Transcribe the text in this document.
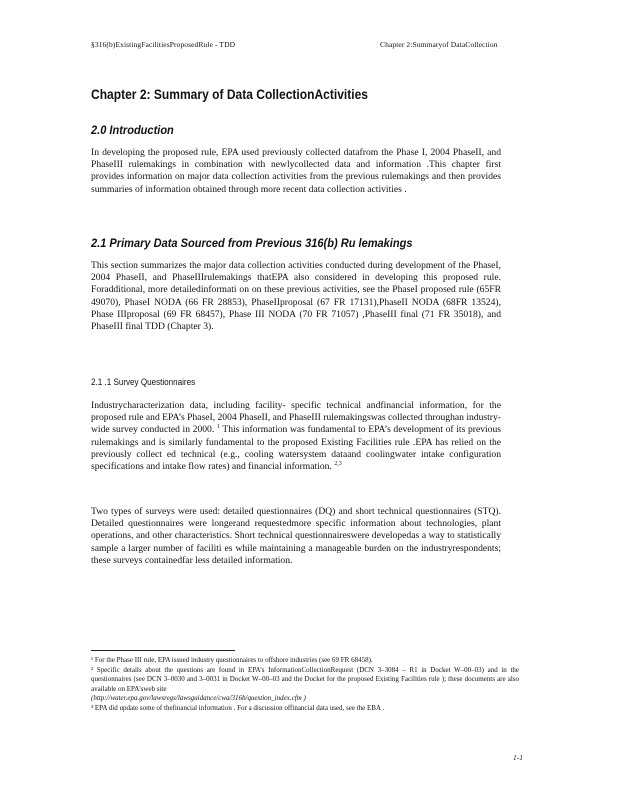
§316(b)ExistingFacilitiesProposedRule - TDD	Chapter 2:Summaryof DataCollection
Chapter 2: Summary of Data CollectionActivities
2.0 Introduction
In developing the proposed rule, EPA used previously collected datafrom the Phase I, 2004 PhaseII, and PhaseIII rulemakings in combination with newlycollected data and information .This chapter first provides information on major data collection activities from the previous rulemakings and then provides summaries of information obtained through more recent data collection activities .
2.1 Primary Data Sourced from Previous 316(b) Ru lemakings
This section summarizes the major data collection activities conducted during development of the PhaseI, 2004 PhaseII, and PhaseIIIrulemakings thatEPA also considered in developing this proposed rule. Foradditional, more detailedinformati on on these previous activities, see the PhaseI proposed rule (65FR 49070), PhaseI NODA (66 FR 28853), PhaseIIproposal (67 FR 17131),PhaseII NODA (68FR 13524), Phase IIIproposal (69 FR 68457), Phase III NODA (70 FR 71057) ,PhaseIII final (71 FR 35018), and PhaseIII final TDD (Chapter 3).
2.1 .1 Survey Questionnaires
Industrycharacterization data, including facility- specific technical andfinancial information, for the proposed rule and EPA’s PhaseI, 2004 PhaseII, and PhaseIII rulemakingswas collected throughan industry-wide survey conducted in 2000. $^1$ This information was fundamental to EPA’s development of its previous rulemakings and is similarly fundamental to the proposed Existing Facilities rule .EPA has relied on the previously collect ed technical (e.g., cooling watersystem dataand coolingwater intake configuration specifications and intake flow rates) and financial information. $^{2,3}$
Two types of surveys were used: detailed questionnaires (DQ) and short technical questionnaires (STQ). Detailed questionnaires were longerand requestedmore specific information about technologies, plant operations, and other characteristics. Short technical questionnaireswere developedas a way to statistically sample a larger number of faciliti es while maintaining a manageable burden on the industryrespondents; these surveys containedfar less detailed information.

¹ For the Phase III rule, EPA issued industry questionnaires to offshore industries (see 69 FR 68458).

² Specific details about the questions are found in EPA’s InformationCollectionRequest (DCN 3‒3084 ‒ R1 in Docket W‒00‒03) and in the questionnaires (see DCN 3‒0030 and 3‒0031 in Docket W‒00‒03 and the Docket for the proposed Existing Facilities rule ); these documents are also available on EPA'sweb site

(http://water.epa.gov/lawsregs/lawsguidance/cwa/316b/question_index.cfm )

³ EPA did update some of thefinancial information . For a discussion offinancial data used, see the EBA .

1-1
